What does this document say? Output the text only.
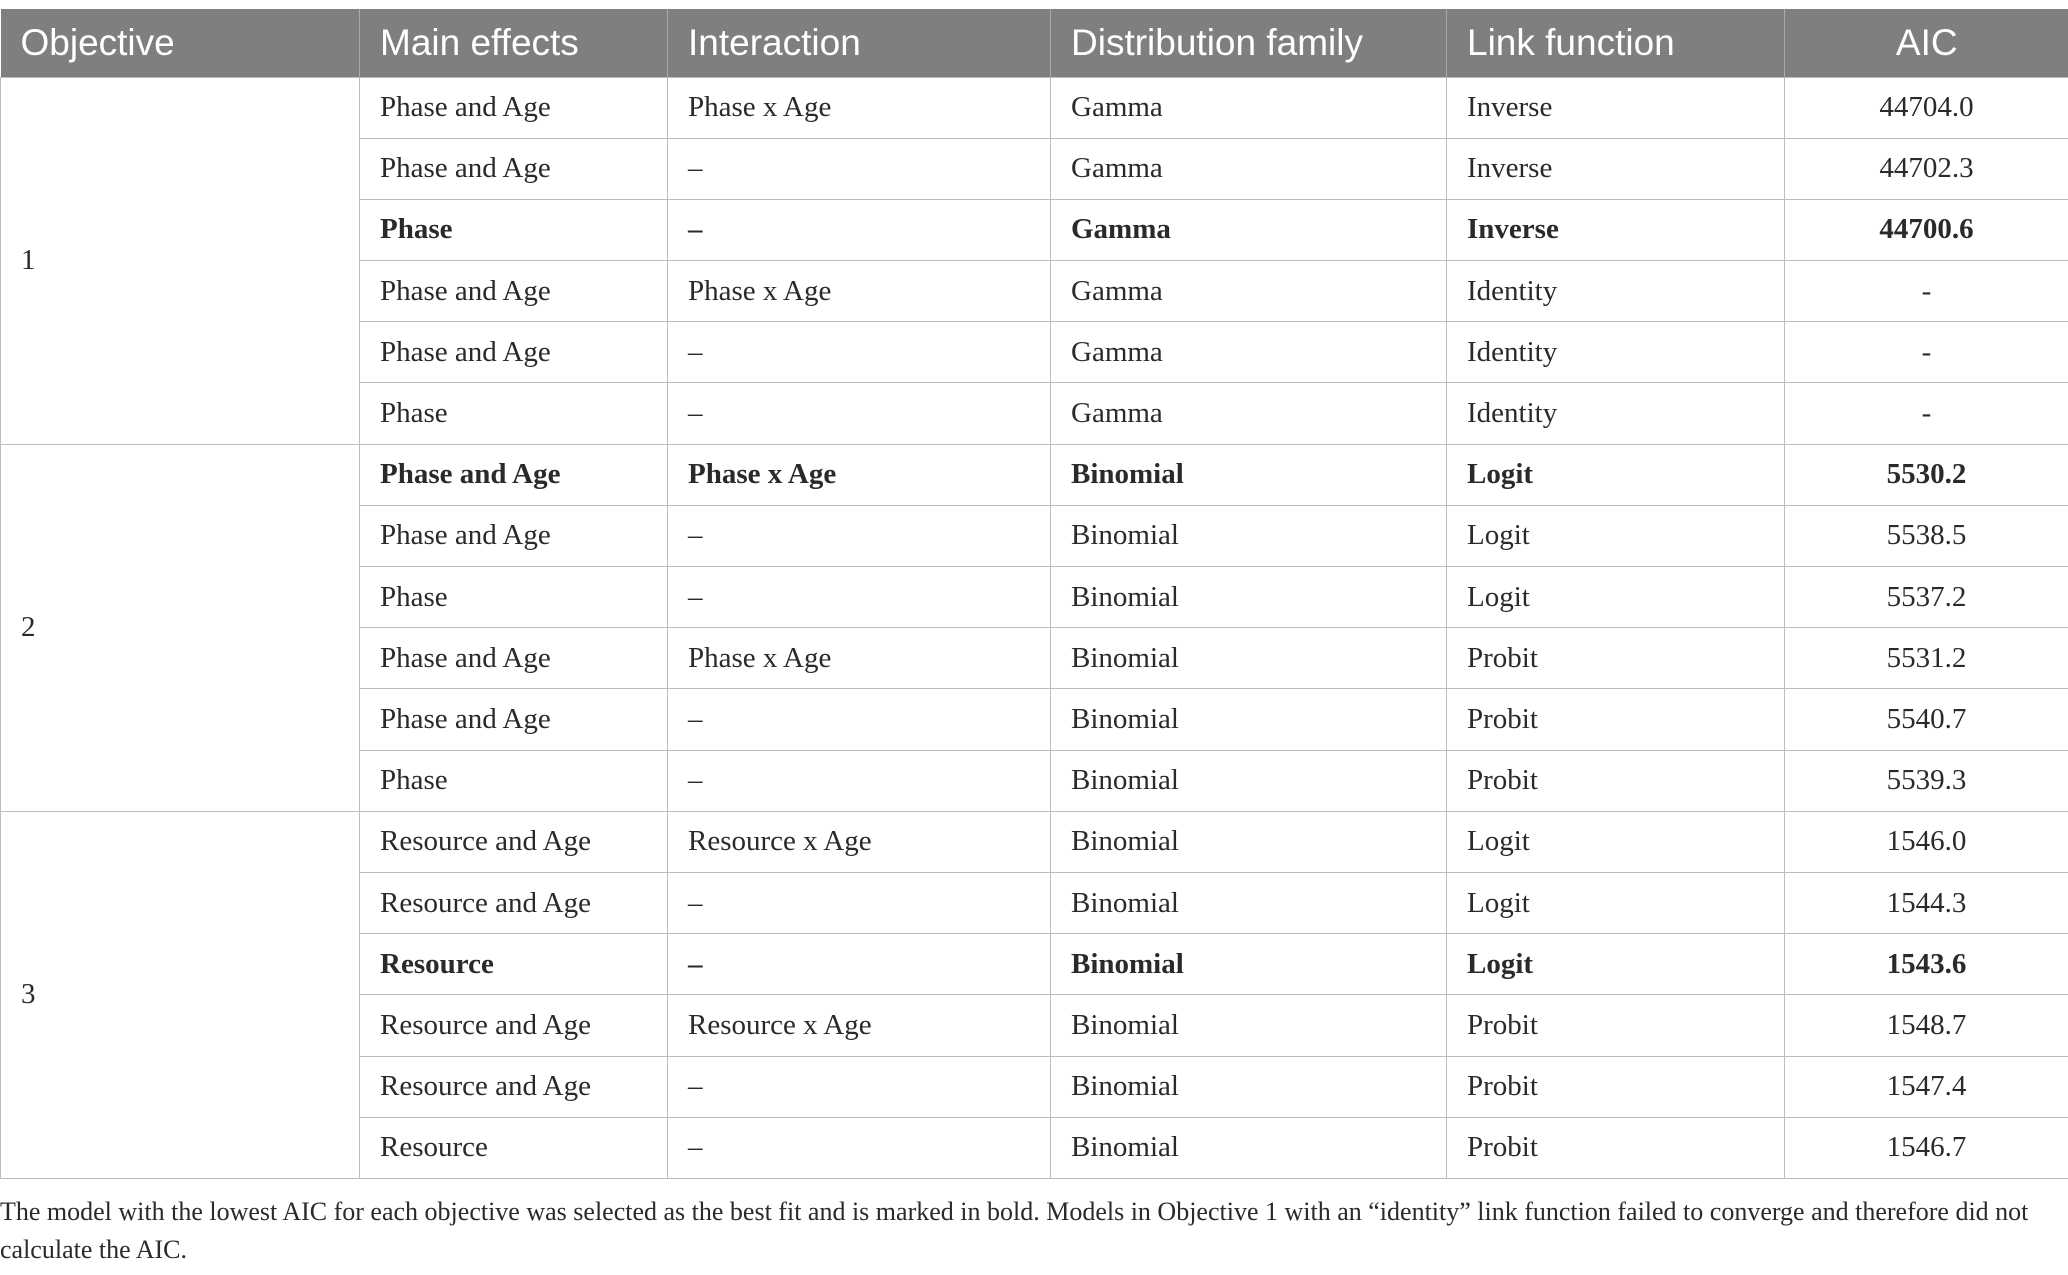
Objective	Main effects	Interaction	Distribution family	Link function	AIC
1	Phase and Age	Phase x Age	Gamma	Inverse	44704.0
	Phase and Age	–	Gamma	Inverse	44702.3
	Phase	–	Gamma	Inverse	44700.6
	Phase and Age	Phase x Age	Gamma	Identity	-
	Phase and Age	–	Gamma	Identity	-
	Phase	–	Gamma	Identity	-
2	Phase and Age	Phase x Age	Binomial	Logit	5530.2
	Phase and Age	–	Binomial	Logit	5538.5
	Phase	–	Binomial	Logit	5537.2
	Phase and Age	Phase x Age	Binomial	Probit	5531.2
	Phase and Age	–	Binomial	Probit	5540.7
	Phase	–	Binomial	Probit	5539.3
3	Resource and Age	Resource x Age	Binomial	Logit	1546.0
	Resource and Age	–	Binomial	Logit	1544.3
	Resource	–	Binomial	Logit	1543.6
	Resource and Age	Resource x Age	Binomial	Probit	1548.7
	Resource and Age	–	Binomial	Probit	1547.4
	Resource	–	Binomial	Probit	1546.7
The model with the lowest AIC for each objective was selected as the best fit and is marked in bold. Models in Objective 1 with an “identity” link function failed to converge and therefore did not calculate the AIC.
